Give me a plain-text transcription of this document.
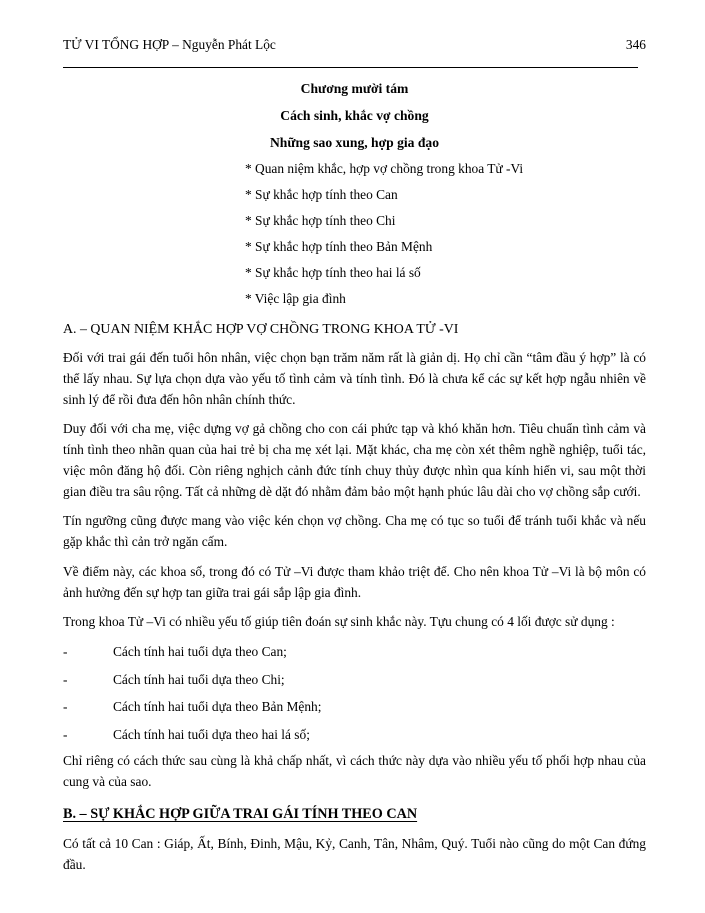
TỬ VI TỔNG HỢP – Nguyễn Phát Lộc	346
Chương mười tám
Cách sinh, khắc vợ chồng
Những sao xung, hợp gia đạo
* Quan niệm khắc, hợp vợ chồng trong khoa Tử -Vi
* Sự khắc hợp tính theo Can
* Sự khắc hợp tính theo Chi
* Sự khắc hợp tính theo Bản Mệnh
* Sự khắc hợp tính theo hai lá số
* Việc lập gia đình
A. – QUAN NIỆM KHẮC HỢP VỢ CHỒNG TRONG KHOA TỬ -VI

Đối với trai gái đến tuổi hôn nhân, việc chọn bạn trăm năm rất là giản dị. Họ chỉ cần “tâm đầu ý hợp” là có thể lấy nhau. Sự lựa chọn dựa vào yếu tố tình cảm và tính tình. Đó là chưa kể các sự kết hợp ngẫu nhiên về sinh lý để rồi đưa đến hôn nhân chính thức.

Duy đối với cha mẹ, việc dựng vợ gả chồng cho con cái phức tạp và khó khăn hơn. Tiêu chuẩn tình cảm và tính tình theo nhãn quan của hai trẻ bị cha mẹ xét lại. Mặt khác, cha mẹ còn xét thêm nghề nghiệp, tuổi tác, việc môn đăng hộ đối. Còn riêng nghịch cảnh đức tính chuy thủy được nhìn qua kính hiển vi, sau một thời gian điều tra sâu rộng. Tất cả những dè dặt đó nhằm đảm bảo một hạnh phúc lâu dài cho vợ chồng sắp cưới.

Tín ngưỡng cũng được mang vào việc kén chọn vợ chồng. Cha mẹ có tục so tuổi để tránh tuổi khắc và nếu gặp khắc thì cản trở ngăn cấm.

Về điểm này, các khoa số, trong đó có Tử –Vi được tham khảo triệt để. Cho nên khoa Tử –Vi là bộ môn có ảnh hưởng đến sự hợp tan giữa trai gái sắp lập gia đình.

Trong khoa Tử –Vi có nhiều yếu tố giúp tiên đoán sự sinh khắc này. Tựu chung có 4 lối được sử dụng :

-	Cách tính hai tuổi dựa theo Can;
-	Cách tính hai tuổi dựa theo Chi;
-	Cách tính hai tuổi dựa theo Bản Mệnh;
-	Cách tính hai tuổi dựa theo hai lá số;

Chỉ riêng có cách thức sau cùng là khả chấp nhất, vì cách thức này dựa vào nhiều yếu tố phối hợp nhau của cung và của sao.

B. – SỰ KHẮC HỢP GIỮA TRAI GÁI TÍNH THEO CAN

Có tất cả 10 Can : Giáp, Ất, Bính, Đinh, Mậu, Kỷ, Canh, Tân, Nhâm, Quý. Tuổi nào cũng do một Can đứng đầu.
